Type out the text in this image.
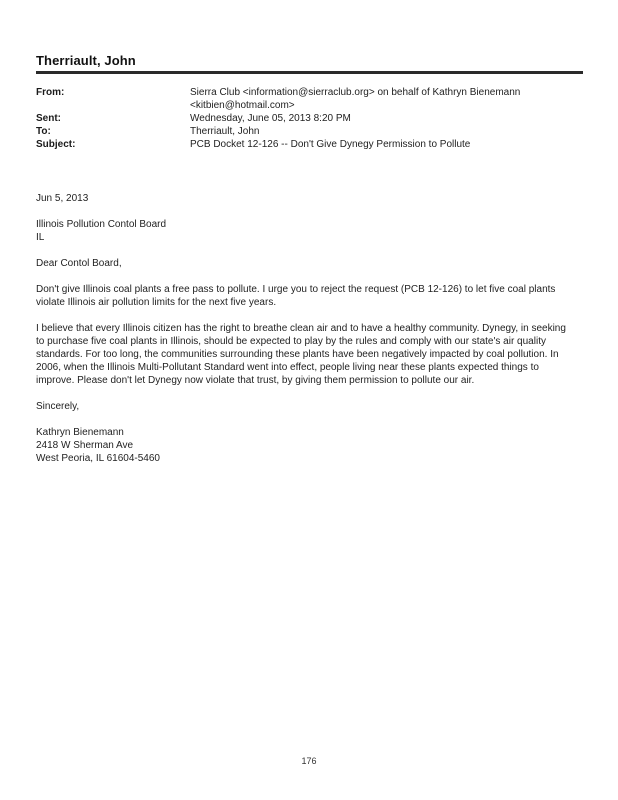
Therriault, John
From:	Sierra Club <information@sierraclub.org> on behalf of Kathryn Bienemann
<kitbien@hotmail.com>
Sent:	Wednesday, June 05, 2013 8:20 PM
To:	Therriault, John
Subject:	PCB Docket 12-126 -- Don't Give Dynegy Permission to Pollute

Jun 5, 2013

Illinois Pollution Contol Board
IL

Dear Contol Board,

Don't give Illinois coal plants a free pass to pollute. I urge you to reject the request (PCB 12-126) to let five coal plants
violate Illinois air pollution limits for the next five years.

I believe that every Illinois citizen has the right to breathe clean air and to have a healthy community. Dynegy, in seeking
to purchase five coal plants in Illinois, should be expected to play by the rules and comply with our state's air quality
standards. For too long, the communities surrounding these plants have been negatively impacted by coal pollution. In
2006, when the Illinois Multi-Pollutant Standard went into effect, people living near these plants expected things to
improve. Please don't let Dynegy now violate that trust, by giving them permission to pollute our air.

Sincerely,

Kathryn Bienemann
2418 W Sherman Ave
West Peoria, IL 61604-5460

176
